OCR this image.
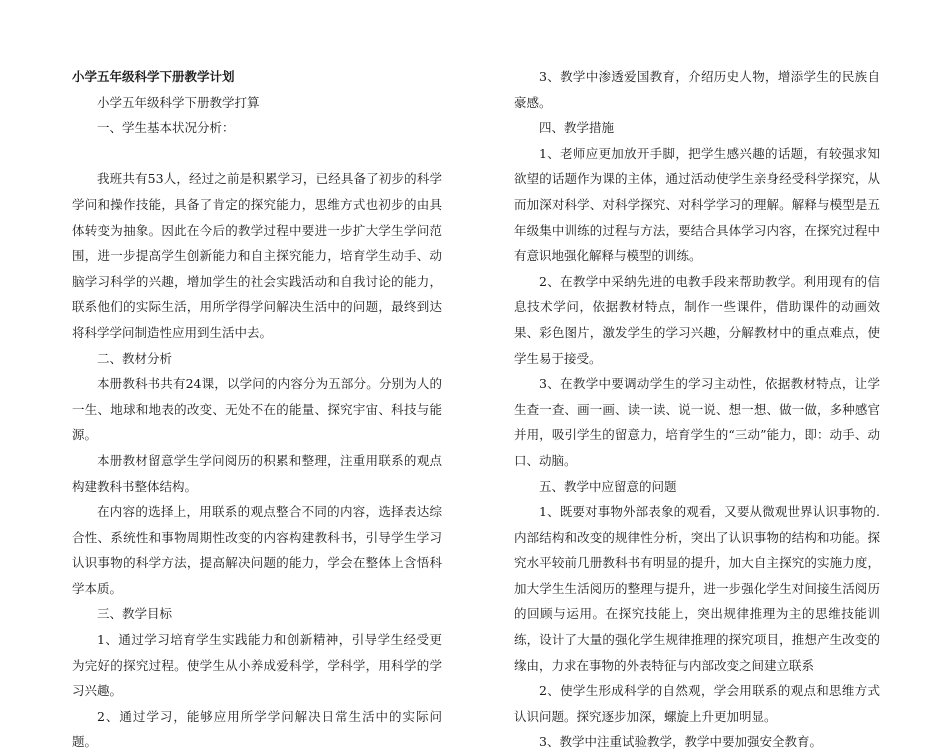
小学五年级科学下册教学计划

小学五年级科学下册教学打算

一、学生基本状况分析：

我班共有53人，经过之前是积累学习，已经具备了初步的科学学问和操作技能，具备了肯定的探究能力，思维方式也初步的由具体转变为抽象。因此在今后的教学过程中要进一步扩大学生学问范围，进一步提高学生创新能力和自主探究能力，培育学生动手、动脑学习科学的兴趣，增加学生的社会实践活动和自我讨论的能力，联系他们的实际生活，用所学得学问解决生活中的问题，最终到达将科学学问制造性应用到生活中去。

二、教材分析

本册教科书共有24课，以学问的内容分为五部分。分别为人的一生、地球和地表的改变、无处不在的能量、探究宇宙、科技与能源。

本册教材留意学生学问阅历的积累和整理，注重用联系的观点构建教科书整体结构。

在内容的选择上，用联系的观点整合不同的内容，选择表达综合性、系统性和事物周期性改变的内容构建教科书，引导学生学习认识事物的科学方法，提高解决问题的能力，学会在整体上含悟科学本质。

三、教学目标

1、通过学习培育学生实践能力和创新精神，引导学生经受更为完好的探究过程。使学生从小养成爱科学，学科学，用科学的学习兴趣。

2、通过学习，能够应用所学学问解决日常生活中的实际问题。

3、教学中渗透爱国教育，介绍历史人物，增添学生的民族自豪感。

四、教学措施

1、老师应更加放开手脚，把学生感兴趣的话题，有较强求知欲望的话题作为课的主体，通过活动使学生亲身经受科学探究，从而加深对科学、对科学探究、对科学学习的理解。解释与模型是五年级集中训练的过程与方法，要结合具体学习内容，在探究过程中有意识地强化解释与模型的训练。

2、在教学中采纳先进的电教手段来帮助教学。利用现有的信息技术学问，依据教材特点，制作一些课件，借助课件的动画效果、彩色图片，激发学生的学习兴趣，分解教材中的重点难点，使学生易于接受。

3、在教学中要调动学生的学习主动性，依据教材特点，让学生查一查、画一画、读一读、说一说、想一想、做一做，多种感官并用，吸引学生的留意力，培育学生的“三动”能力，即：动手、动口、动脑。

五、教学中应留意的问题

1、既要对事物外部表象的观看，又要从微观世界认识事物的.内部结构和改变的规律性分析，突出了认识事物的结构和功能。探究水平较前几册教科书有明显的提升，加大自主探究的实施力度，加大学生生活阅历的整理与提升，进一步强化学生对间接生活阅历的回顾与运用。在探究技能上，突出规律推理为主的思维技能训练，设计了大量的强化学生规律推理的探究项目，推想产生改变的缘由，力求在事物的外表特征与内部改变之间建立联系

2、使学生形成科学的自然观，学会用联系的观点和思维方式认识问题。探究逐步加深，螺旋上升更加明显。

3、教学中注重试验教学，教学中要加强安全教育。
